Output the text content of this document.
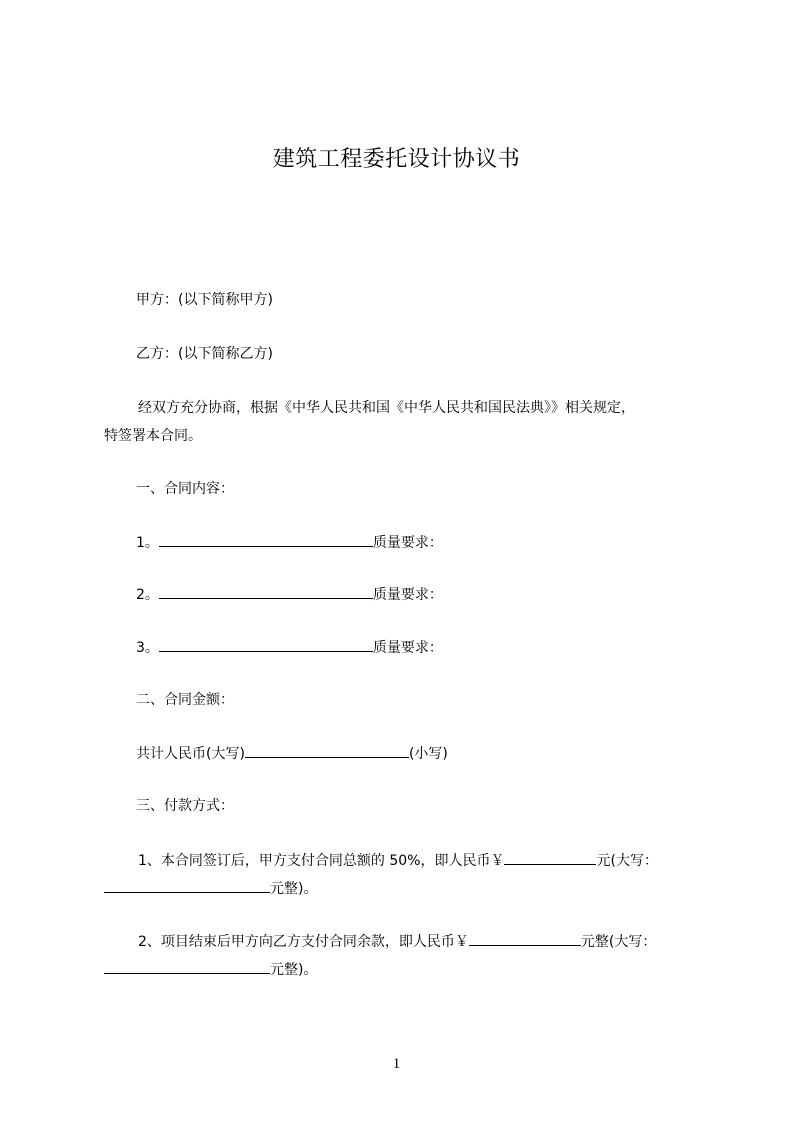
建筑工程委托设计协议书
甲方：(以下简称甲方)
乙方：(以下简称乙方)
经双方充分协商，根据《中华人民共和国《中华人民共和国民法典》》相关规定，
特签署本合同。
一、合同内容：
1。	质量要求：
2。	质量要求：
3。	质量要求：
二、合同金额：
共计人民币(大写)	(小写)
三、付款方式：
1、本合同签订后，甲方支付合同总额的 50%，即人民币￥	元(大写：
元整)。
2、项目结束后甲方向乙方支付合同余款，即人民币￥	元整(大写：
元整)。
1
